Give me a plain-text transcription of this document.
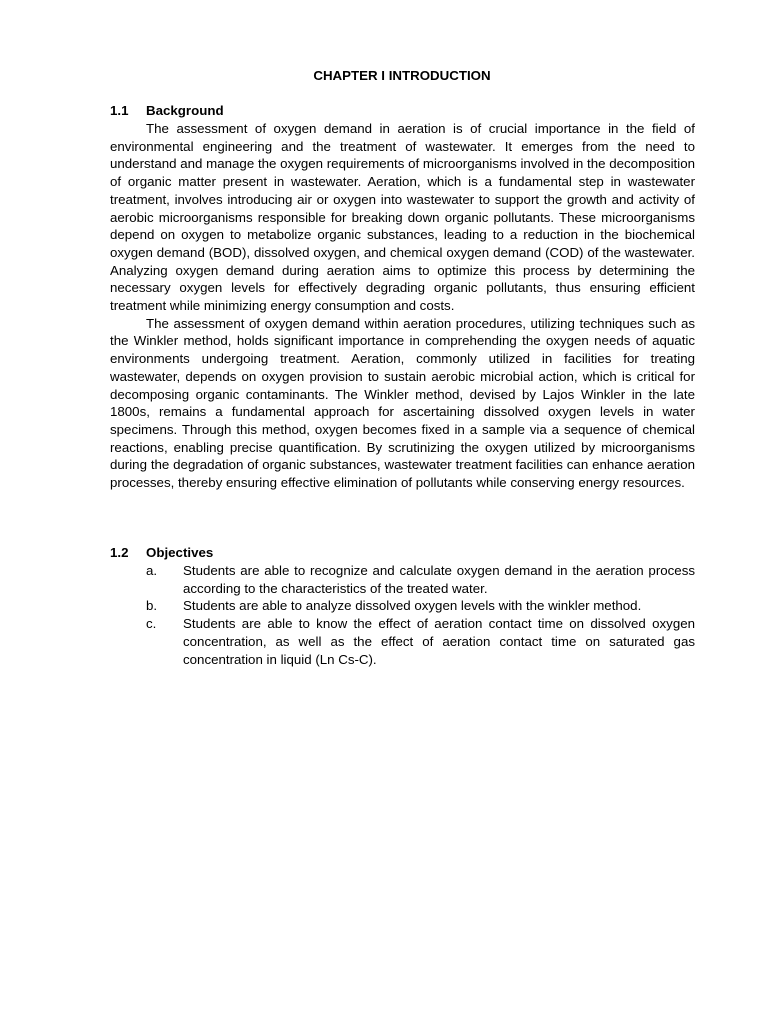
CHAPTER I INTRODUCTION
1.1 Background

The assessment of oxygen demand in aeration is of crucial importance in the field of environmental engineering and the treatment of wastewater. It emerges from the need to understand and manage the oxygen requirements of microorganisms involved in the decomposition of organic matter present in wastewater. Aeration, which is a fundamental step in wastewater treatment, involves introducing air or oxygen into wastewater to support the growth and activity of aerobic microorganisms responsible for breaking down organic pollutants. These microorganisms depend on oxygen to metabolize organic substances, leading to a reduction in the biochemical oxygen demand (BOD), dissolved oxygen, and chemical oxygen demand (COD) of the wastewater. Analyzing oxygen demand during aeration aims to optimize this process by determining the necessary oxygen levels for effectively degrading organic pollutants, thus ensuring efficient treatment while minimizing energy consumption and costs.

The assessment of oxygen demand within aeration procedures, utilizing techniques such as the Winkler method, holds significant importance in comprehending the oxygen needs of aquatic environments undergoing treatment. Aeration, commonly utilized in facilities for treating wastewater, depends on oxygen provision to sustain aerobic microbial action, which is critical for decomposing organic contaminants. The Winkler method, devised by Lajos Winkler in the late 1800s, remains a fundamental approach for ascertaining dissolved oxygen levels in water specimens. Through this method, oxygen becomes fixed in a sample via a sequence of chemical reactions, enabling precise quantification. By scrutinizing the oxygen utilized by microorganisms during the degradation of organic substances, wastewater treatment facilities can enhance aeration processes, thereby ensuring effective elimination of pollutants while conserving energy resources.

1.2 Objectives
a.	Students are able to recognize and calculate oxygen demand in the aeration process according to the characteristics of the treated water.
b.	Students are able to analyze dissolved oxygen levels with the winkler method.
c.	Students are able to know the effect of aeration contact time on dissolved oxygen concentration, as well as the effect of aeration contact time on saturated gas concentration in liquid (Ln Cs-C).
